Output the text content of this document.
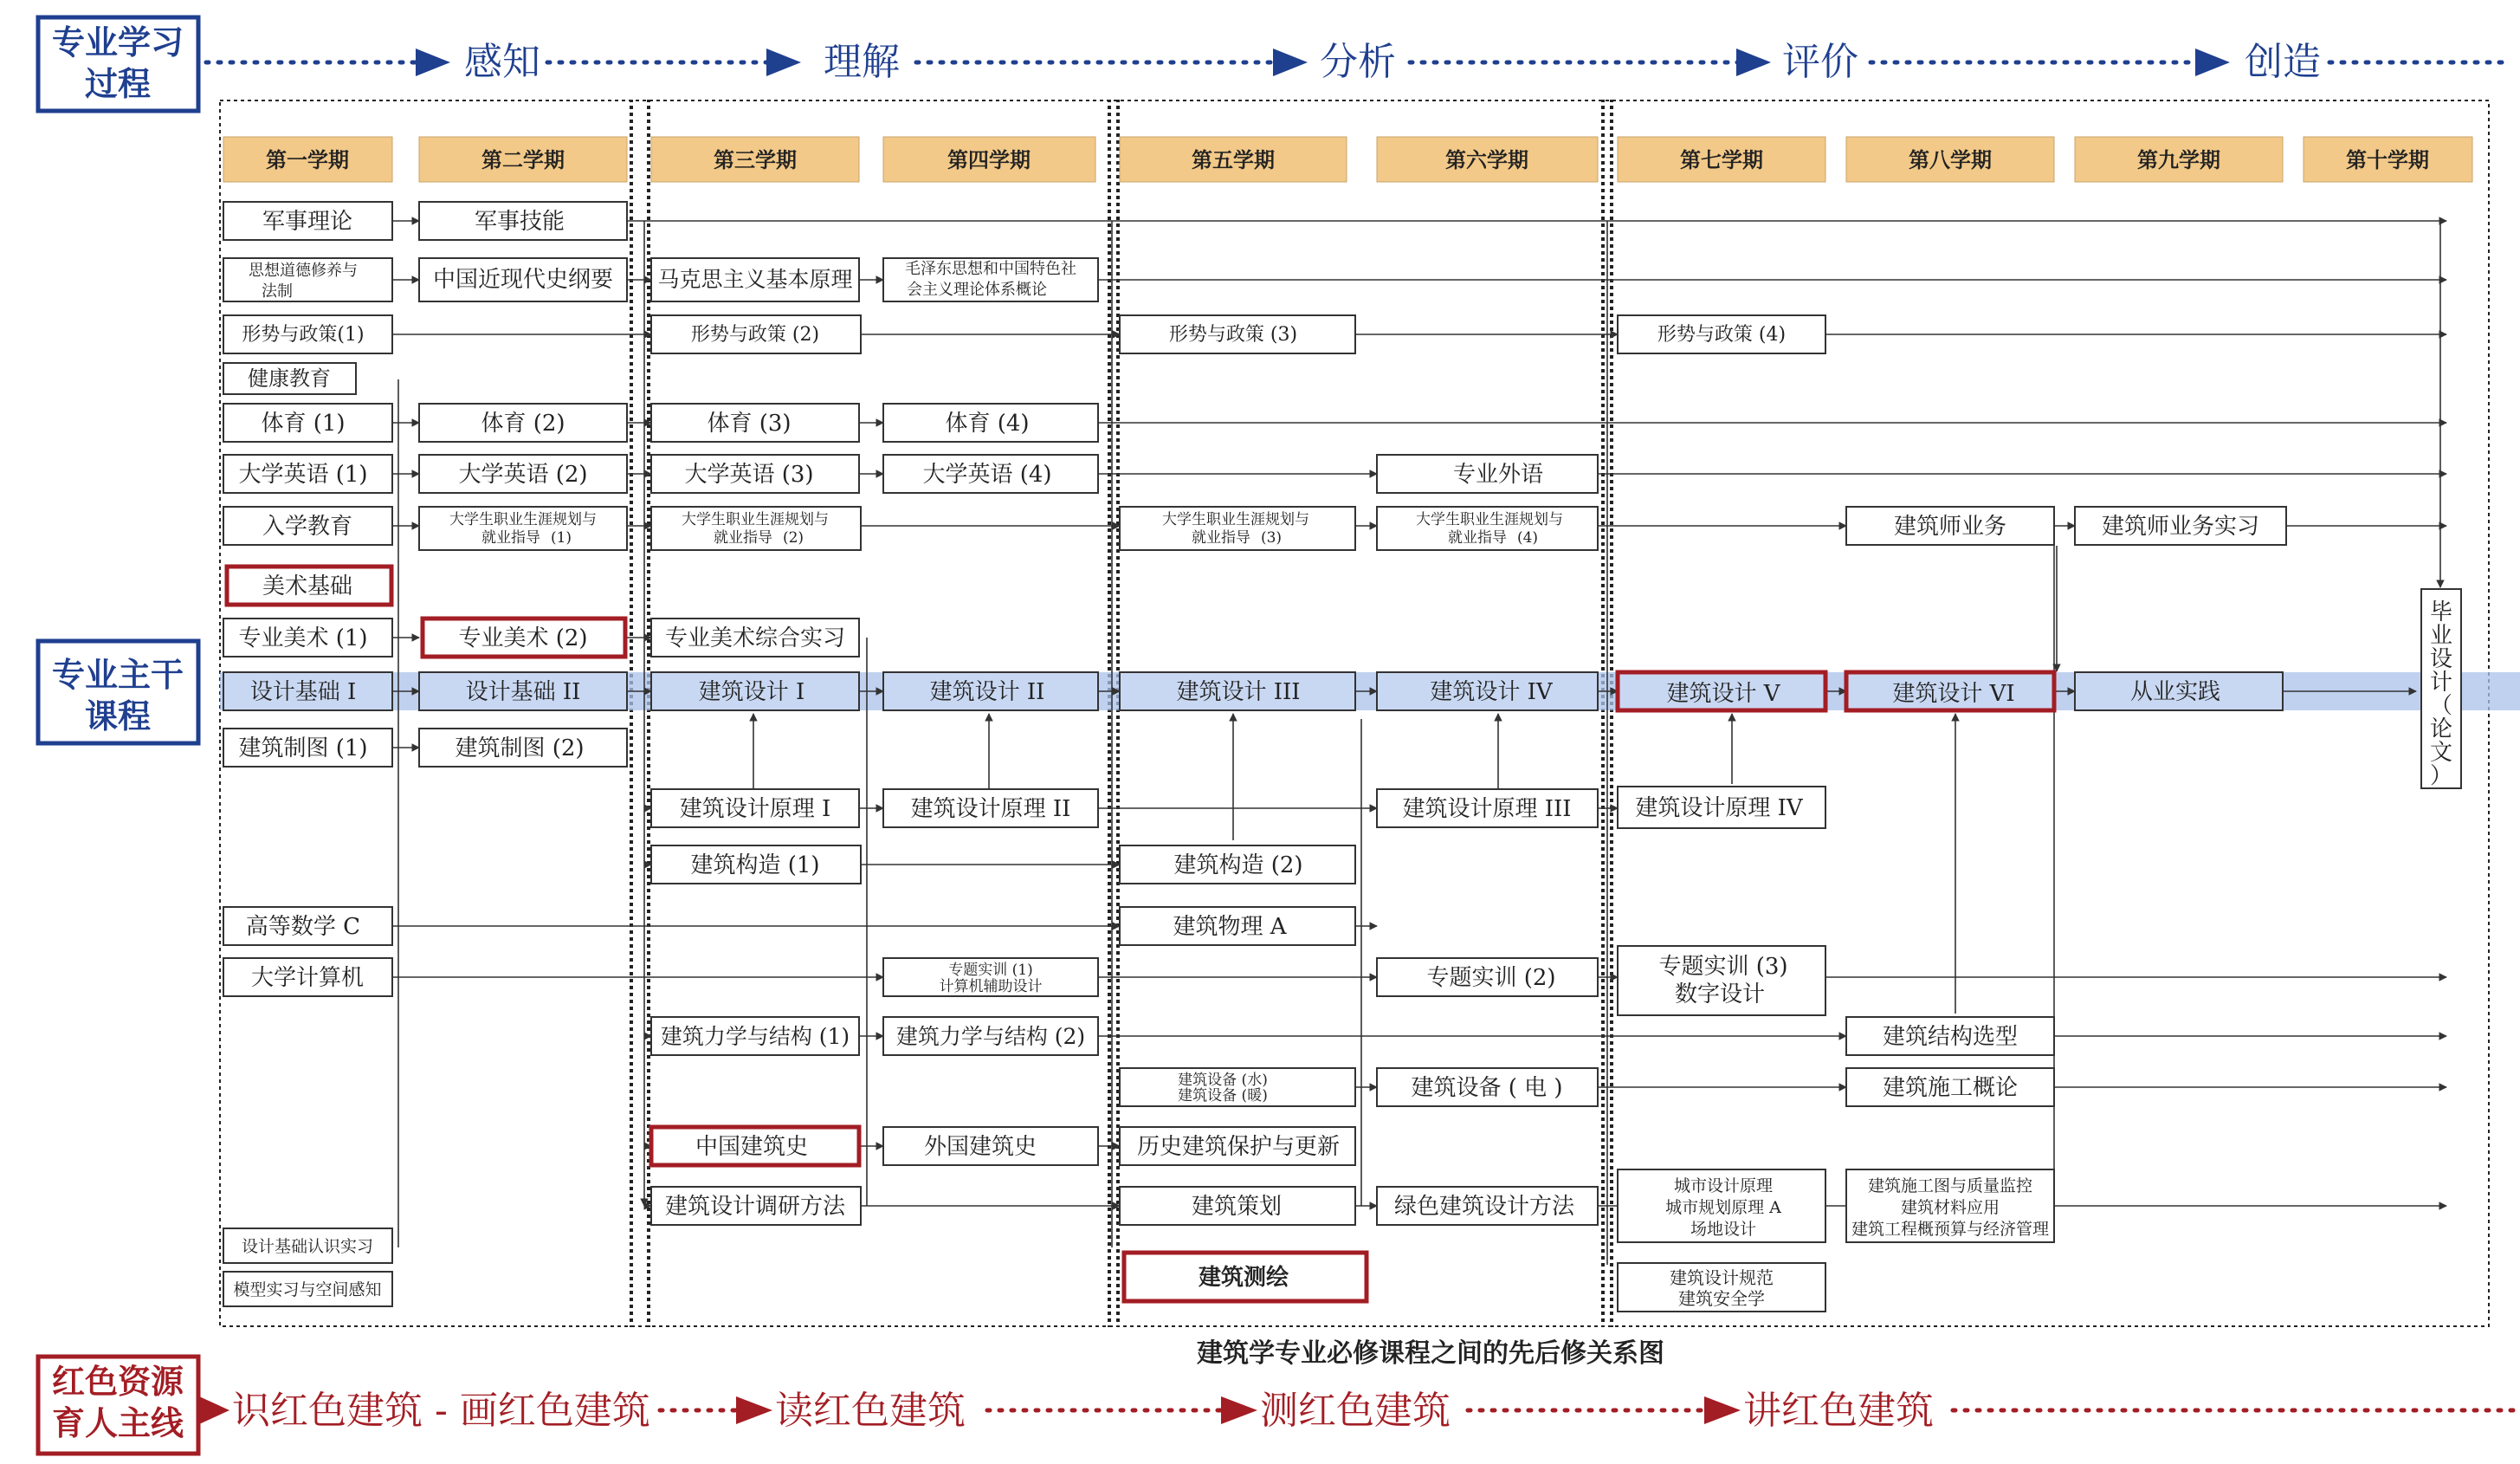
专业学习
过程	感知	理解	分析	评价	创造
专业主干
课程
第一学期	第二学期	第三学期	第四学期	第五学期	第六学期	第七学期	第八学期	第九学期	第十学期
军事理论
思想道德修养与
法制
形势与政策(1)
健康教育
体育 (1)
大学英语 (1)
入学教育
美术基础
专业美术 (1)
设计基础 I
建筑制图 (1)
高等数学 C
大学计算机
设计基础认识实习
模型实习与空间感知
军事技能
中国近现代史纲要
体育 (2)
大学英语 (2)
大学生职业生涯规划与
就业指导 (1)
专业美术 (2)
设计基础 II
建筑制图 (2)
马克思主义基本原理
形势与政策 (2)
体育 (3)
大学英语 (3)
大学生职业生涯规划与
就业指导 (2)
专业美术综合实习
建筑设计 I
建筑设计原理 I
建筑构造 (1)
建筑力学与结构 (1)
中国建筑史
建筑设计调研方法
毛泽东思想和中国特色社
会主义理论体系概论
体育 (4)
大学英语 (4)
建筑设计 II
建筑设计原理 II
专题实训 (1)
计算机辅助设计
建筑力学与结构 (2)
外国建筑史
形势与政策 (3)
大学生职业生涯规划与
就业指导 (3)
建筑设计 III
建筑构造 (2)
建筑物理 A
建筑设备 (水)
建筑设备 (暖)
历史建筑保护与更新
建筑策划
建筑测绘
专业外语
大学生职业生涯规划与
就业指导 (4)
建筑设计 IV
建筑设计原理 III
专题实训 (2)
建筑设备 ( 电 )
绿色建筑设计方法
形势与政策 (4)
建筑设计 V
建筑设计原理 IV
专题实训 (3)
数字设计
城市设计原理
城市规划原理 A
场地设计
建筑设计规范
建筑安全学
建筑师业务
建筑设计 VI
建筑结构选型
建筑施工概论
建筑施工图与质量监控
建筑材料应用
建筑工程概预算与经济管理
建筑师业务实习
从业实践
毕
业
设
计
（
论
文
）
建筑学专业必修课程之间的先后修关系图
红色资源
育人主线 识红色建筑 - 画红色建筑	读红色建筑	测红色建筑	讲红色建筑
